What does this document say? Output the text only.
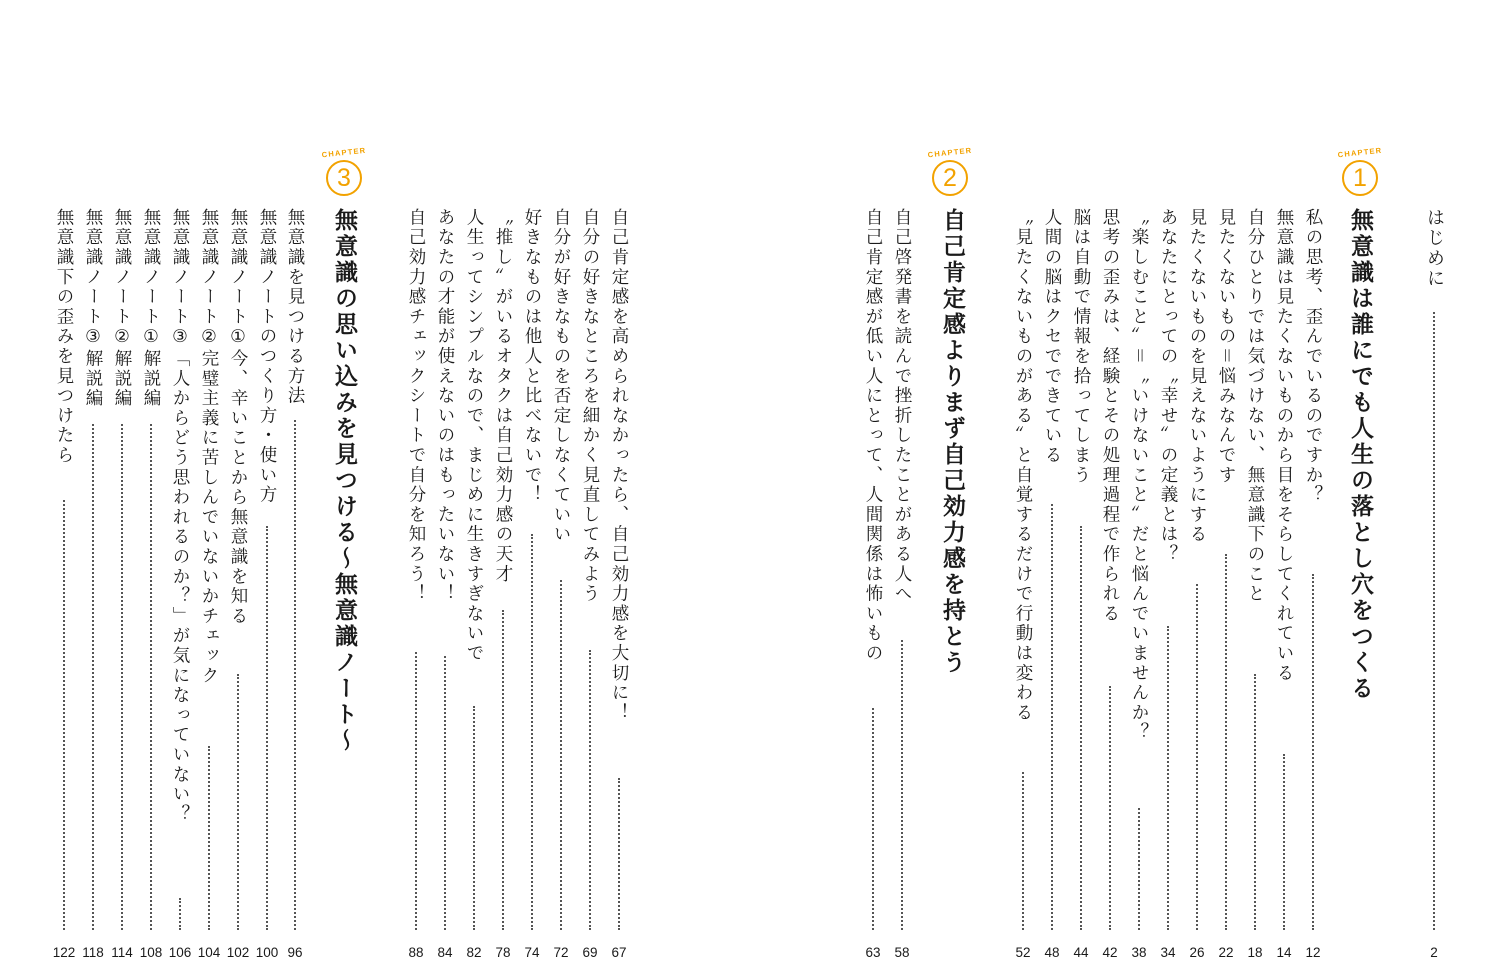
CHAPTER
3
無意識の思い込みを見つける～無意識ノート～
無意識を見つける方法
96
無意識ノートのつくり方・使い方
100
無意識ノート①今、辛いことから無意識を知る
102
無意識ノート②完璧主義に苦しんでいないかチェック
104
無意識ノート③「人からどう思われるのか？」が気になっていない？
106
無意識ノート①解説編
108
無意識ノート②解説編
114
無意識ノート③解説編
118
無意識下の歪みを見つけたら
122
自己肯定感を高められなかったら、自己効力感を大切に！
67
自分の好きなところを細かく見直してみよう
69
自分が好きなものを否定しなくていい
72
好きなものは他人と比べないで！
74
〝推し〟がいるオタクは自己効力感の天才
78
人生ってシンプルなので、まじめに生きすぎないで
82
あなたの才能が使えないのはもったいない！
84
自己効力感チェックシートで自分を知ろう！
88
はじめに
2
CHAPTER
1
無意識は誰にでも人生の落とし穴をつくる
私の思考、歪んでいるのですか？
12
無意識は見たくないものから目をそらしてくれている
14
自分ひとりでは気づけない、無意識下のこと
18
見たくないもの＝悩みなんです
22
見たくないものを見えないようにする
26
あなたにとっての〝幸せ〟の定義とは？
34
〝楽しむこと〟＝〝いけないこと〟だと悩んでいませんか？
38
思考の歪みは、経験とその処理過程で作られる
42
脳は自動で情報を拾ってしまう
44
人間の脳はクセでできている
48
〝見たくないものがある〟と自覚するだけで行動は変わる
52
CHAPTER
2
自己肯定感よりまず自己効力感を持とう
自己啓発書を読んで挫折したことがある人へ
58
自己肯定感が低い人にとって、人間関係は怖いもの
63
